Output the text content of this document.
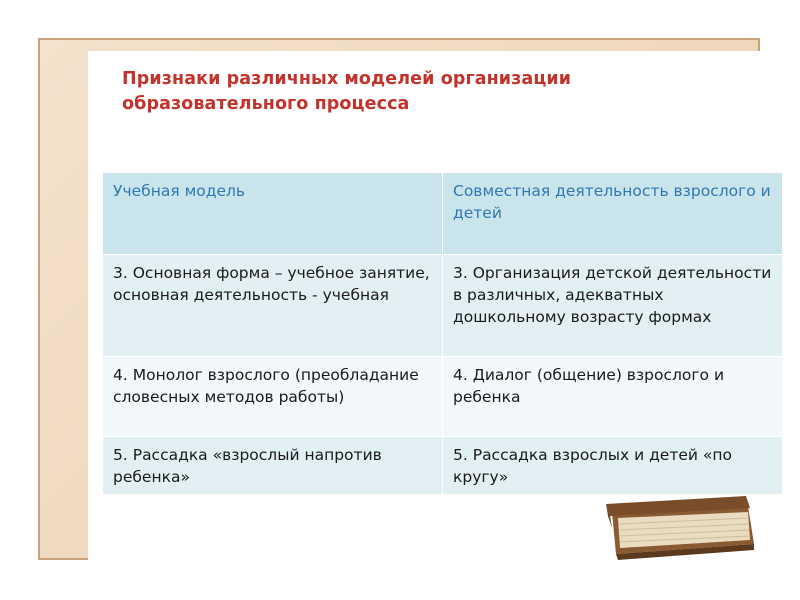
Признаки различных моделей организации
образовательного процесса
Учебная модель	Совместная деятельность взрослого и детей
3. Основная форма – учебное занятие, основная деятельность - учебная	3. Организация детской деятельности в различных, адекватных дошкольному возрасту формах
4. Монолог взрослого (преобладание словесных методов работы)	4. Диалог (общение) взрослого и ребенка
5. Рассадка «взрослый напротив ребенка»	5. Рассадка взрослых и детей «по кругу»
